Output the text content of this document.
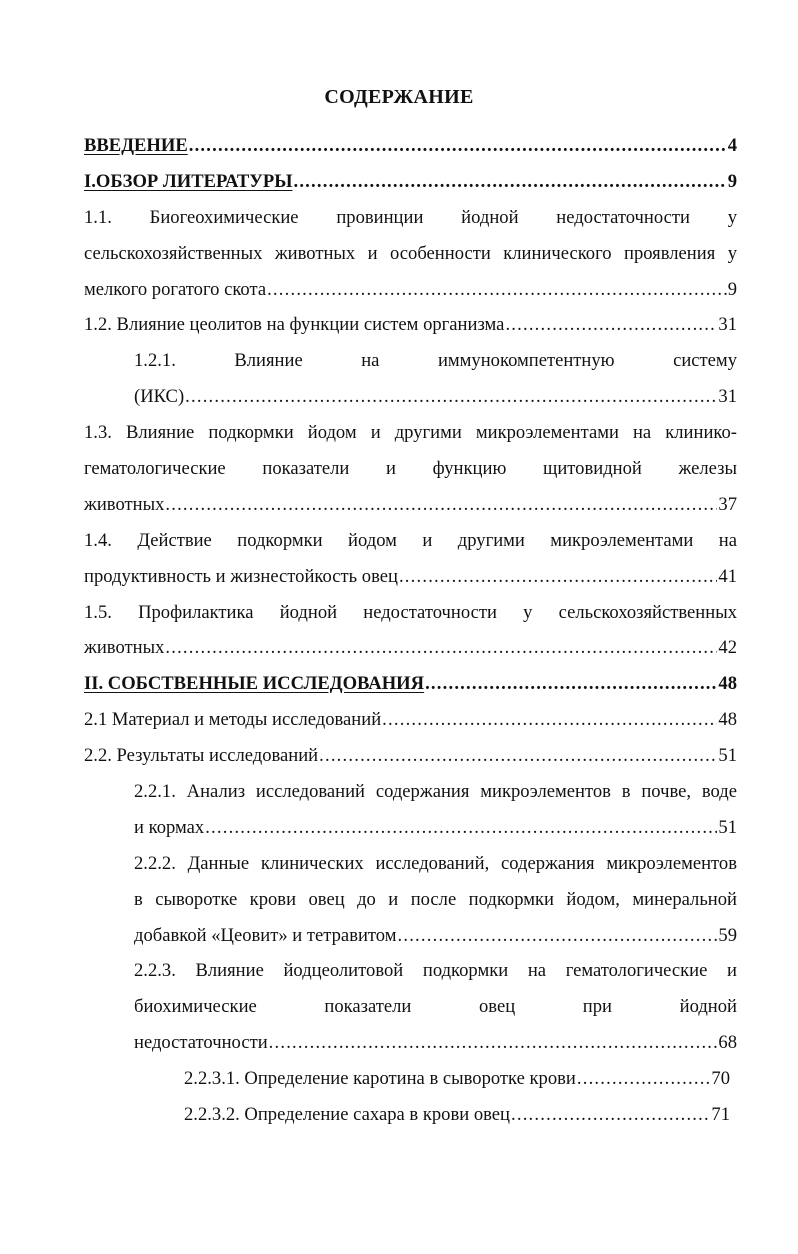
СОДЕРЖАНИЕ
ВВЕДЕНИЕ .....	4
I.ОБЗОР ЛИТЕРАТУРЫ .....	9
1.1. Биогеохимические провинции йодной недостаточности у
сельскохозяйственных животных и особенности клинического проявления у
мелкого рогатого скота .....	9
1.2. Влияние цеолитов на функции систем организма .....	31
1.2.1. Влияние на иммунокомпетентную систему
(ИКС) .....	31
1.3. Влияние подкормки йодом и другими микроэлементами на клинико-
гематологические показатели и функцию щитовидной железы
животных .....	37
1.4. Действие подкормки йодом и другими микроэлементами на
продуктивность и жизнестойкость овец .....	41
1.5. Профилактика йодной недостаточности у сельскохозяйственных
животных .....	42
II. СОБСТВЕННЫЕ ИССЛЕДОВАНИЯ .....	48
2.1 Материал и методы исследований .....	48
2.2. Результаты исследований .....	51
2.2.1. Анализ исследований содержания микроэлементов в почве, воде
и кормах .....	51
2.2.2. Данные клинических исследований, содержания микроэлементов
в сыворотке крови овец до и после подкормки йодом, минеральной
добавкой «Цеовит» и тетравитом .....	59
2.2.3. Влияние йодцеолитовой подкормки на гематологические и
биохимические показатели овец при йодной
недостаточности .....	68
2.2.3.1. Определение каротина в сыворотке крови .....	70
2.2.3.2. Определение сахара в крови овец .....	71
